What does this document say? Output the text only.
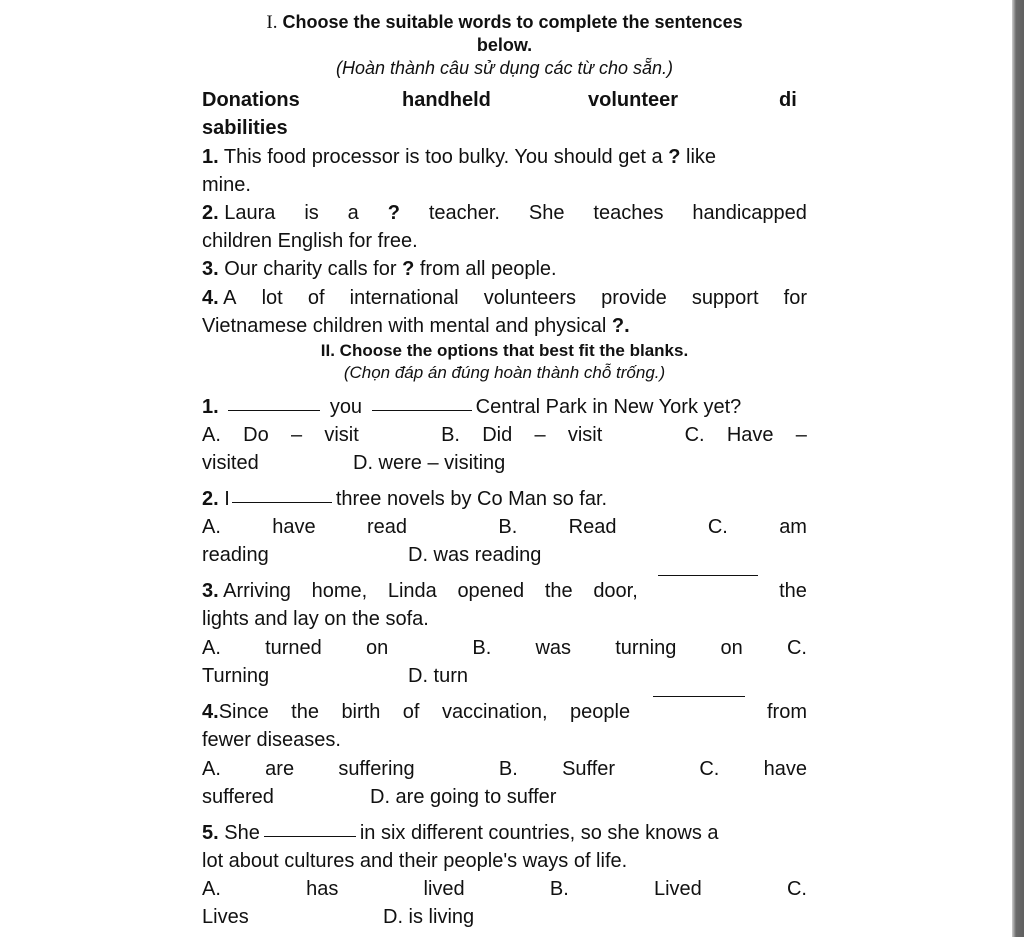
I. Choose the suitable words to complete the sentences
below.
(Hoàn thành câu sử dụng các từ cho sẵn.)
Donations	handheld	volunteer	di
sabilities
1. This food processor is too bulky. You should get a ? like
mine.
2. Laura is a ? teacher. She teaches handicapped
children English for free.
3. Our charity calls for ? from all people.
4. A lot of international volunteers provide support for
Vietnamese children with mental and physical ?.
II. Choose the options that best fit the blanks.
(Chọn đáp án đúng hoàn thành chỗ trống.)
1.	you	Central Park in New York yet?
A. Do – visit	B. Did – visit	C. Have –
visited	D. were – visiting
2. I	three novels by Co Man so far.
A.	have	read	B.	Read	C.	am
reading	D. was reading
3. Arriving home, Linda opened the door,	the
lights and lay on the sofa.
A. turned on	B. was turning on C.
Turning	D. turn
4.Since the birth of vaccination, people	from
fewer diseases.
A. are suffering	B. Suffer	C. have
suffered	D. are going to suffer
5. She	in six different countries, so she knows a
lot about cultures and their people's ways of life.
A.	has	lived	B.	Lived	C.
Lives	D. is living
